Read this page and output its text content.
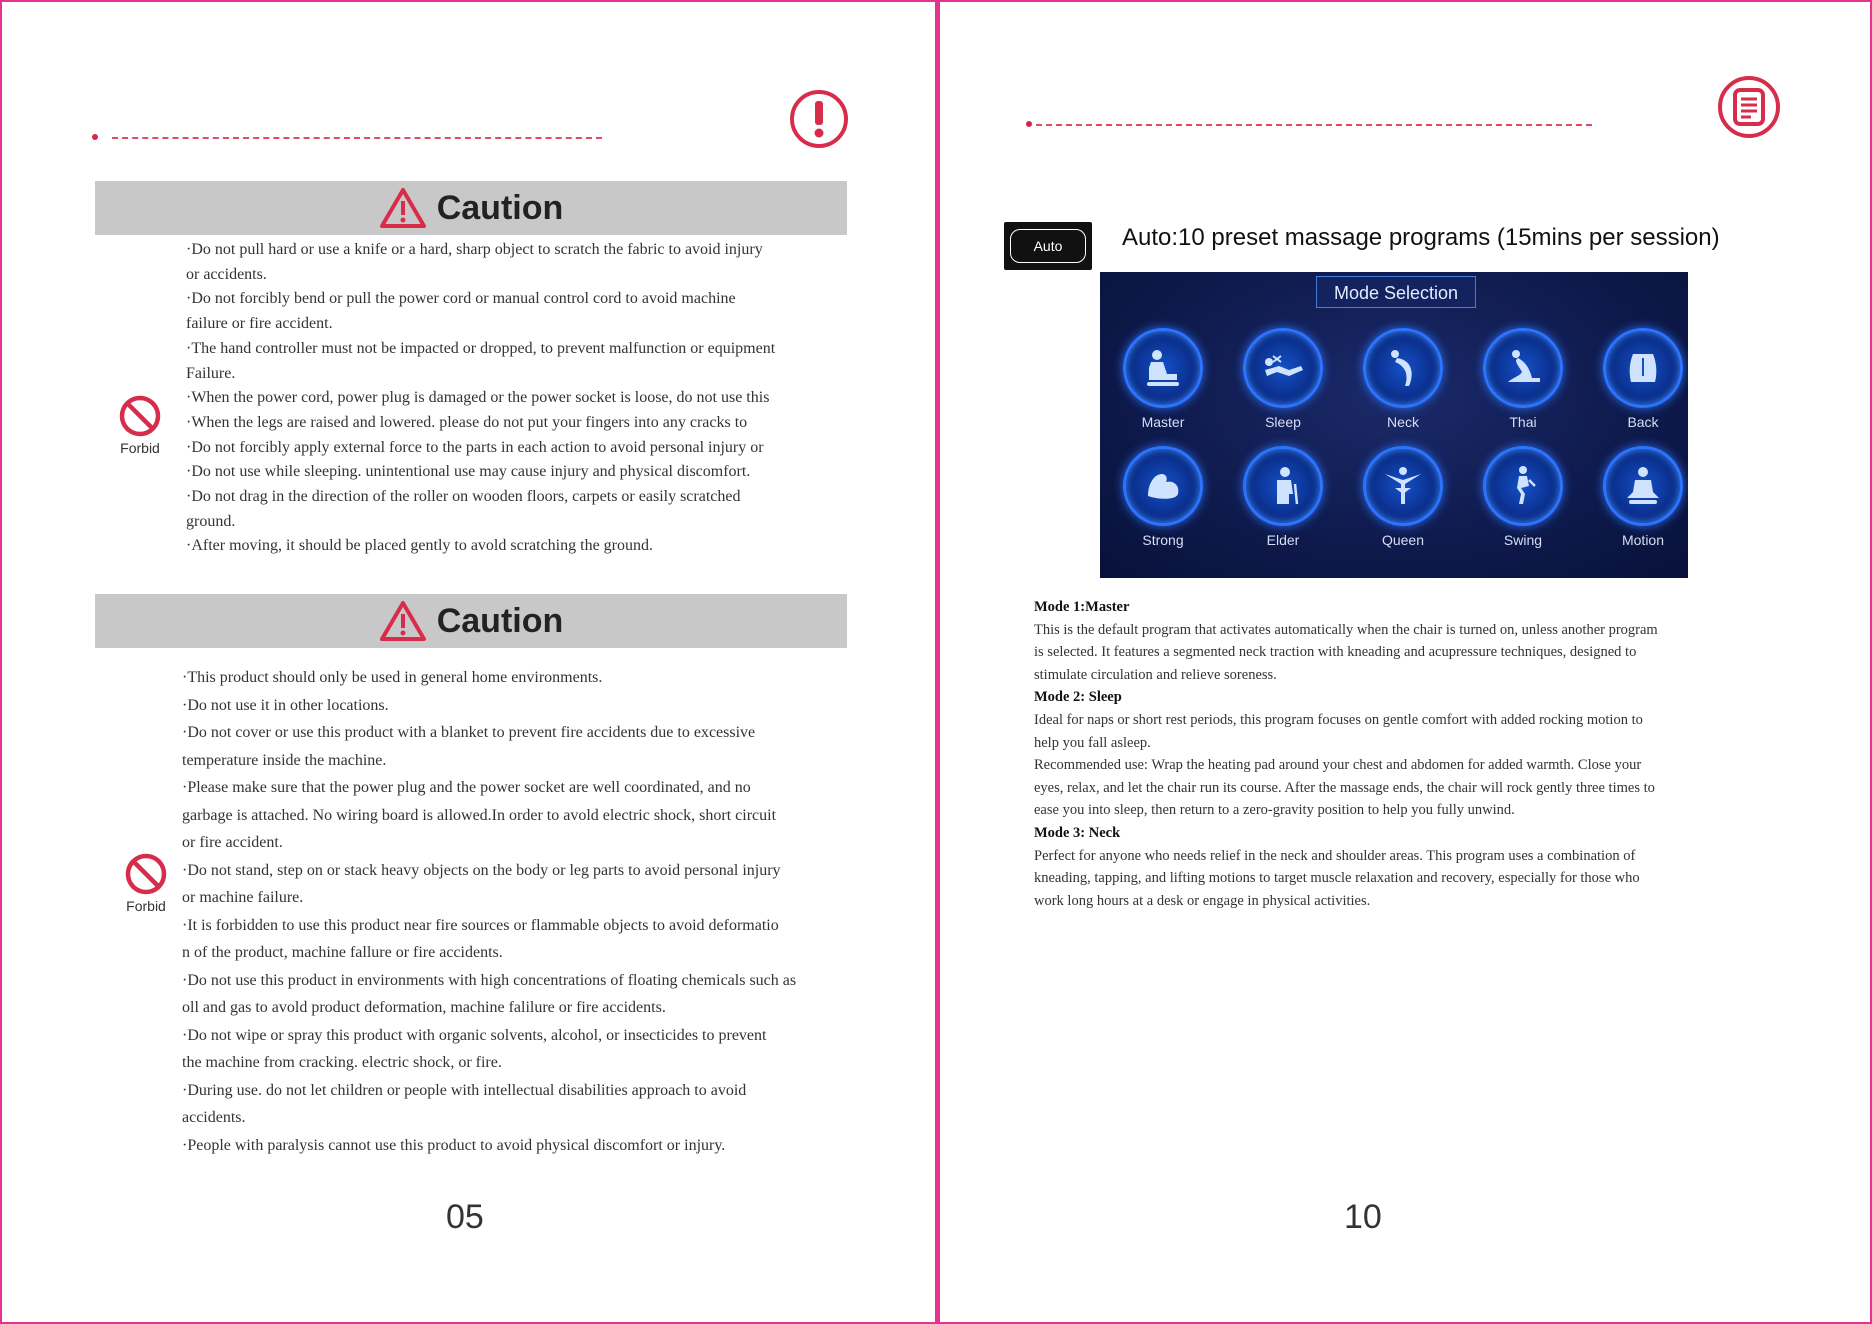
Caution
Forbid
·Do not pull hard or use a knife or a hard, sharp object to scratch the fabric to avoid injury
or accidents.
·Do not forcibly bend or pull the power cord or manual control cord to avoid machine
failure or fire accident.
·The hand controller must not be impacted or dropped, to prevent malfunction or equipment
Failure.
·When the power cord, power plug is damaged or the power socket is loose, do not use this
·When the legs are raised and lowered. please do not put your fingers into any cracks to
·Do not forcibly apply external force to the parts in each action to avoid personal injury or
·Do not use while sleeping. unintentional use may cause injury and physical discomfort.
·Do not drag in the direction of the roller on wooden floors, carpets or easily scratched
ground.
·After moving, it should be placed gently to avold scratching the ground.
Caution
Forbid
·This product should only be used in general home environments.
·Do not use it in other locations.
·Do not cover or use this product with a blanket to prevent fire accidents due to excessive
temperature inside the machine.
·Please make sure that the power plug and the power socket are well coordinated, and no
garbage is attached. No wiring board is allowed.In order to avold electric shock, short circuit
or fire accident.
·Do not stand, step on or stack heavy objects on the body or leg parts to avoid personal injury
or machine failure.
·It is forbidden to use this product near fire sources or flammable objects to avoid deformatio
n of the product, machine fallure or fire accidents.
·Do not use this product in environments with high concentrations of floating chemicals such as
oll and gas to avold product deformation, machine falilure or fire accidents.
·Do not wipe or spray this product with organic solvents, alcohol, or insecticides to prevent
the machine from cracking. electric shock, or fire.
·During use. do not let children or people with intellectual disabilities approach to avoid
accidents.
·People with paralysis cannot use this product to avoid physical discomfort or injury.
05
Auto	Auto:10 preset massage programs (15mins per session)
Mode Selection
Master	Sleep	Neck	Thai	Back
Strong	Elder	Queen	Swing	Motion
Mode 1:Master
This is the default program that activates automatically when the chair is turned on, unless another program
is selected. It features a segmented neck traction with kneading and acupressure techniques, designed to
stimulate circulation and relieve soreness.
Mode 2: Sleep
Ideal for naps or short rest periods, this program focuses on gentle comfort with added rocking motion to
help you fall asleep.
Recommended use: Wrap the heating pad around your chest and abdomen for added warmth. Close your
eyes, relax, and let the chair run its course. After the massage ends, the chair will rock gently three times to
ease you into sleep, then return to a zero-gravity position to help you fully unwind.
Mode 3: Neck
Perfect for anyone who needs relief in the neck and shoulder areas. This program uses a combination of
kneading, tapping, and lifting motions to target muscle relaxation and recovery, especially for those who
work long hours at a desk or engage in physical activities.
10
